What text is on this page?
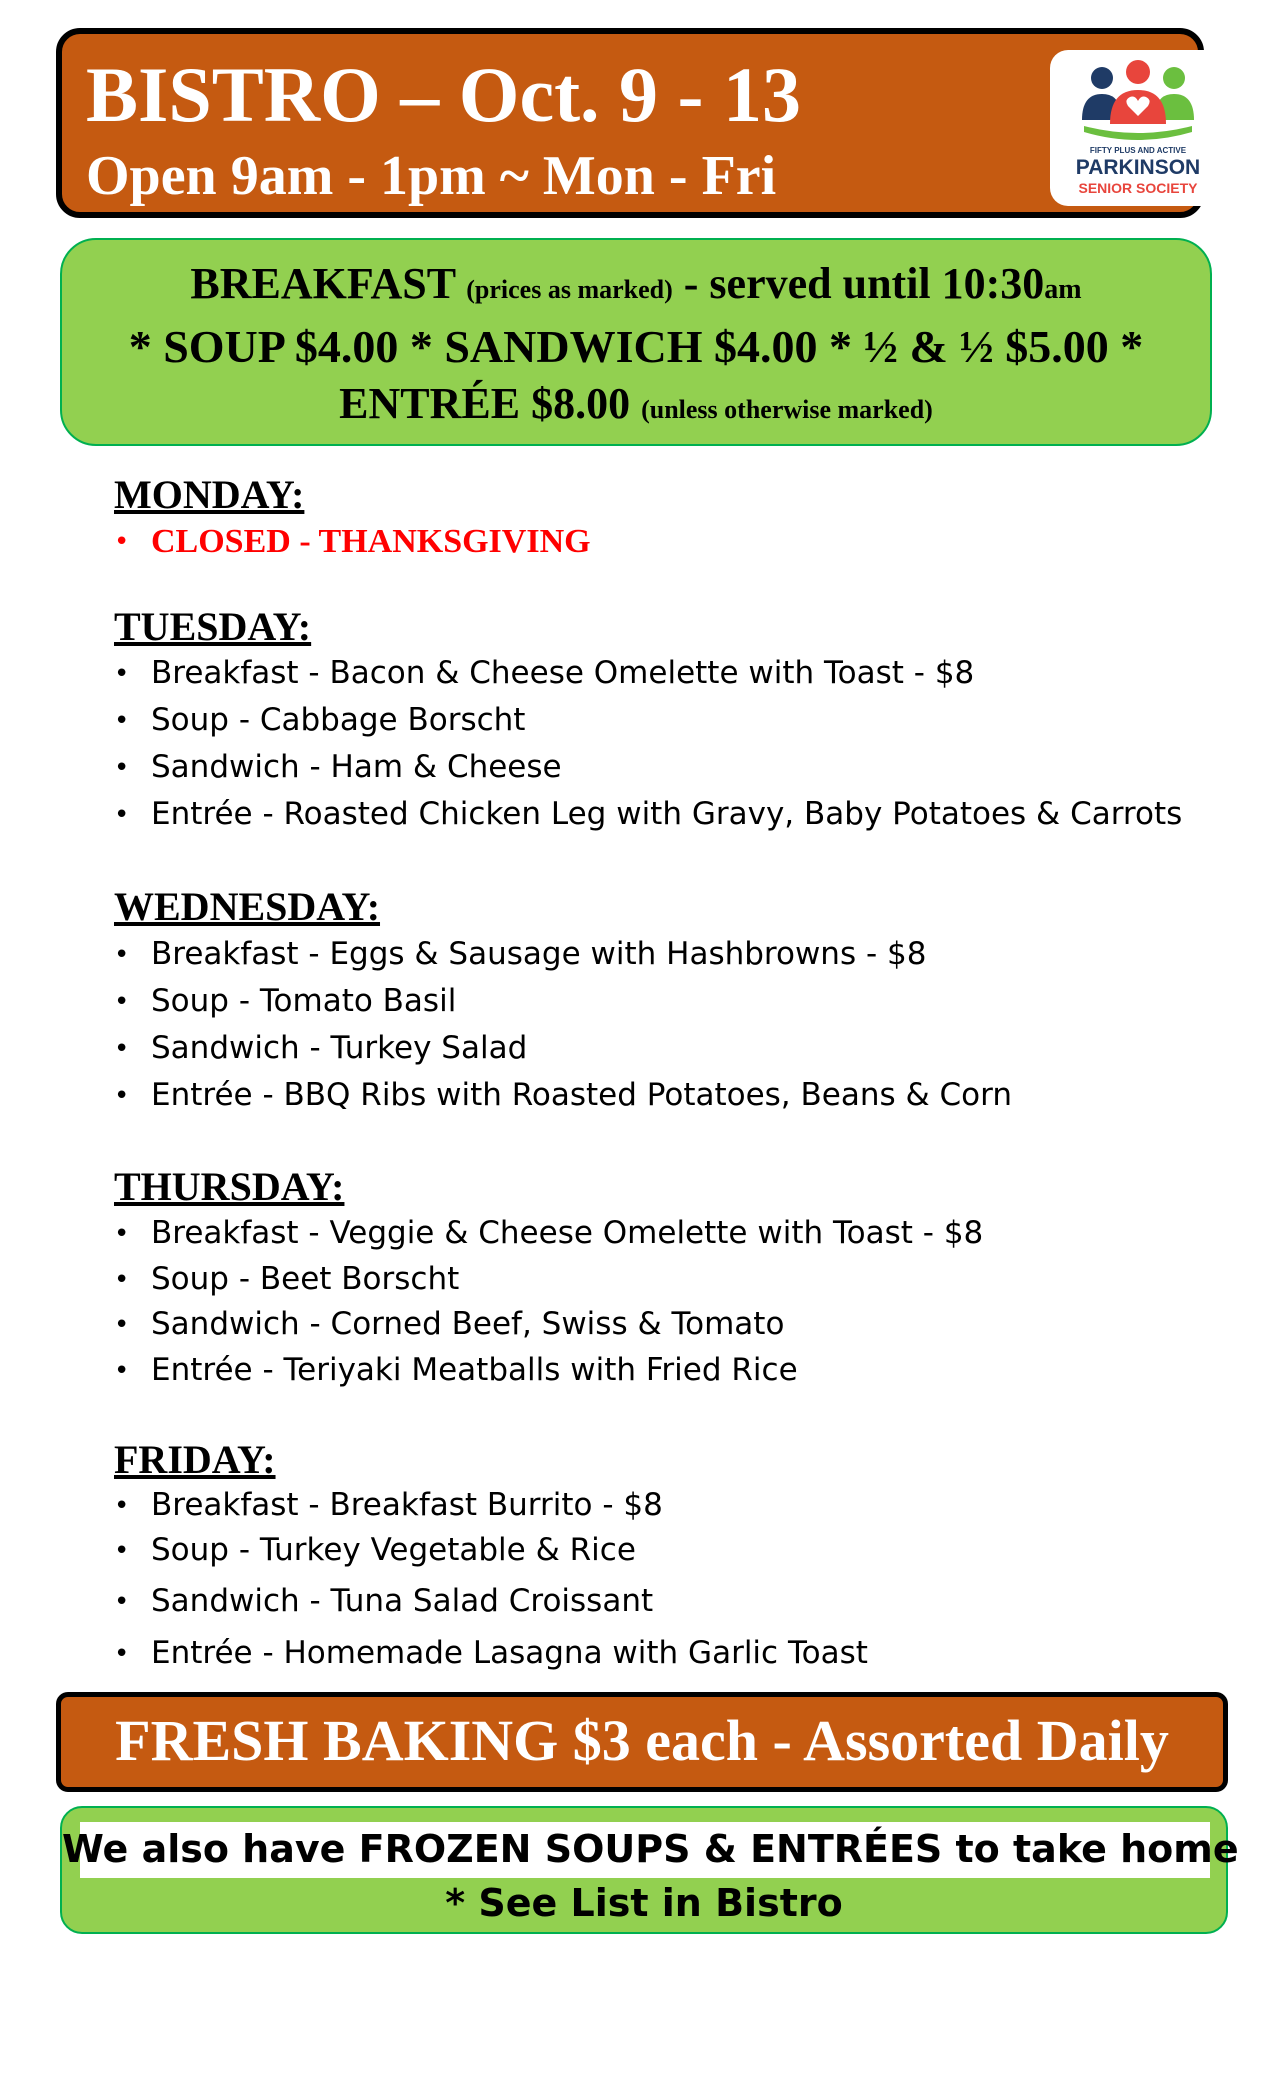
BISTRO – Oct. 9 - 13
Open 9am - 1pm ~ Mon - Fri	FIFTY PLUS AND ACTIVE
PARKINSON
SENIOR SOCIETY
BREAKFAST (prices as marked) - served until 10:30am
* SOUP $4.00 * SANDWICH $4.00 * ½ & ½ $5.00 *
ENTRÉE $8.00 (unless otherwise marked)
MONDAY:
• CLOSED - THANKSGIVING
TUESDAY:
• Breakfast - Bacon & Cheese Omelette with Toast - $8
• Soup - Cabbage Borscht
• Sandwich - Ham & Cheese
• Entrée - Roasted Chicken Leg with Gravy, Baby Potatoes & Carrots
WEDNESDAY:
• Breakfast - Eggs & Sausage with Hashbrowns - $8
• Soup - Tomato Basil
• Sandwich - Turkey Salad
• Entrée - BBQ Ribs with Roasted Potatoes, Beans & Corn
THURSDAY:
• Breakfast - Veggie & Cheese Omelette with Toast - $8
• Soup - Beet Borscht
• Sandwich - Corned Beef, Swiss & Tomato
• Entrée - Teriyaki Meatballs with Fried Rice
FRIDAY:
• Breakfast - Breakfast Burrito - $8
• Soup - Turkey Vegetable & Rice
• Sandwich - Tuna Salad Croissant
• Entrée - Homemade Lasagna with Garlic Toast
FRESH BAKING $3 each - Assorted Daily
We also have FROZEN SOUPS & ENTRÉES to take home
* See List in Bistro
